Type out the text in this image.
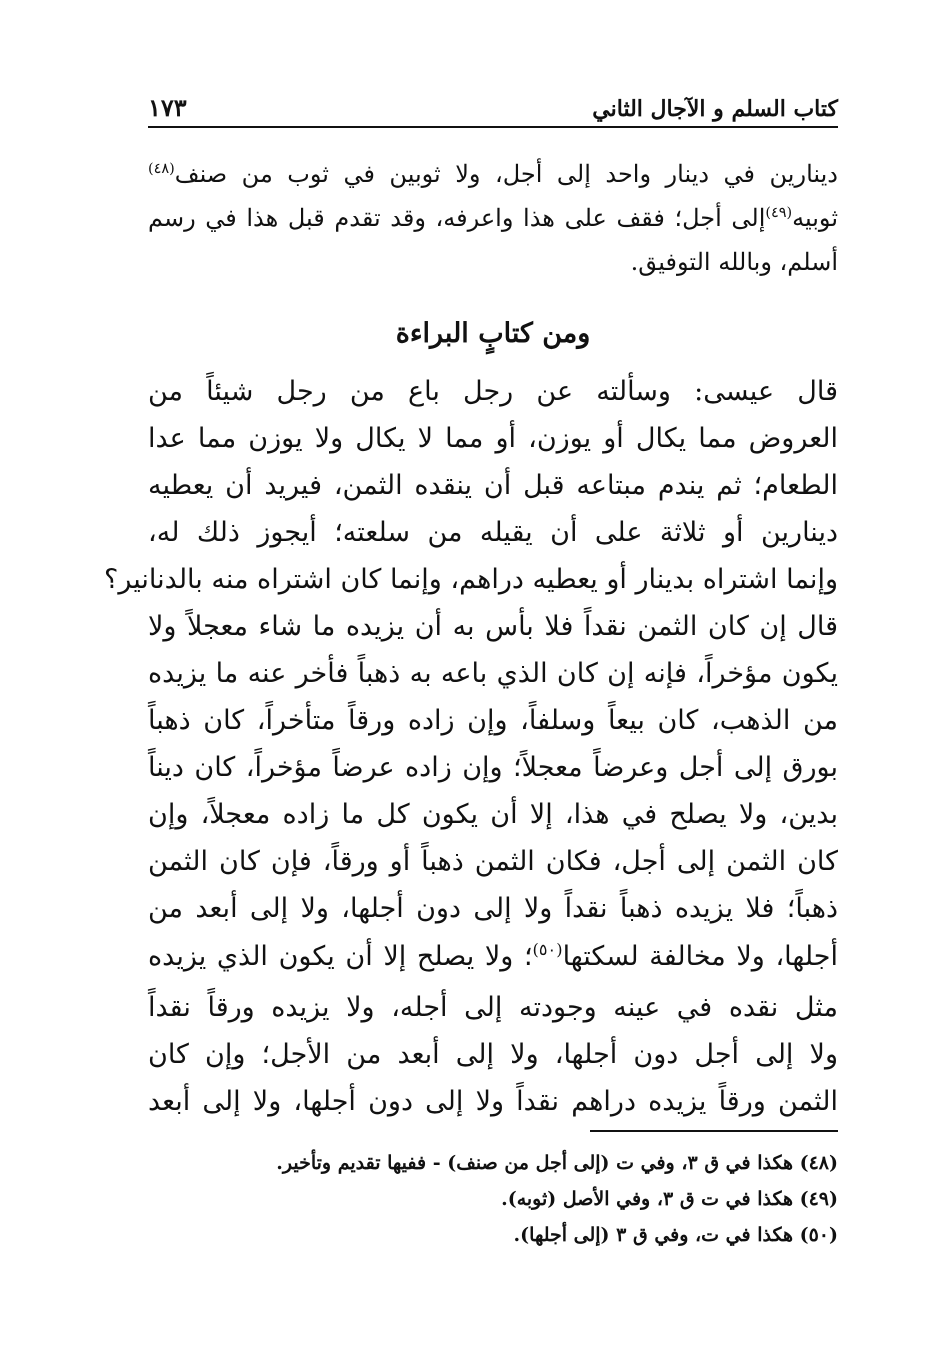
كتاب السلم و الآجال الثاني
١٧٣
دينارين في دينار واحد إلى أجل، ولا ثوبين في ثوب من صنف$^{(٤٨)}$
ثوبيه$^{(٤٩)}$إلى أجل؛ فقف على هذا واعرفه، وقد تقدم قبل هذا في رسم
أسلم، وبالله التوفيق.
ومن كتابٍ البراءة
قال عيسى: وسألته عن رجل باع من رجل شيئاً من
العروض مما يكال أو يوزن، أو مما لا يكال ولا يوزن مما عدا
الطعام؛ ثم يندم مبتاعه قبل أن ينقده الثمن، فيريد أن يعطيه
دينارين أو ثلاثة على أن يقيله من سلعته؛ أيجوز ذلك له،
وإنما اشتراه بدينار أو يعطيه دراهم، وإنما كان اشتراه منه بالدنانير؟
قال إن كان الثمن نقداً فلا بأس به أن يزيده ما شاء معجلاً ولا
يكون مؤخراً، فإنه إن كان الذي باعه به ذهباً فأخر عنه ما يزيده
من الذهب، كان بيعاً وسلفاً، وإن زاده ورقاً متأخراً، كان ذهباً
بورق إلى أجل وعرضاً معجلاً؛ وإن زاده عرضاً مؤخراً، كان ديناً
بدين، ولا يصلح في هذا، إلا أن يكون كل ما زاده معجلاً، وإن
كان الثمن إلى أجل، فكان الثمن ذهباً أو ورقاً، فإن كان الثمن
ذهباً؛ فلا يزيده ذهباً نقداً ولا إلى دون أجلها، ولا إلى أبعد من
أجلها، ولا مخالفة لسكتها$^{(٥٠)}$؛ ولا يصلح إلا أن يكون الذي يزيده
مثل نقده في عينه وجودته إلى أجله، ولا يزيده ورقاً نقداً
ولا إلى أجل دون أجلها، ولا إلى أبعد من الأجل؛ وإن كان
الثمن ورقاً يزيده دراهم نقداً ولا إلى دون أجلها، ولا إلى أبعد
(٤٨) هكذا في ق ٣، وفي ت (إلى أجل من صنف) - ففيها تقديم وتأخير.
(٤٩) هكذا في ت ق ٣، وفي الأصل (ثوبه).
(٥٠) هكذا في ت، وفي ق ٣ (إلى أجلها).
